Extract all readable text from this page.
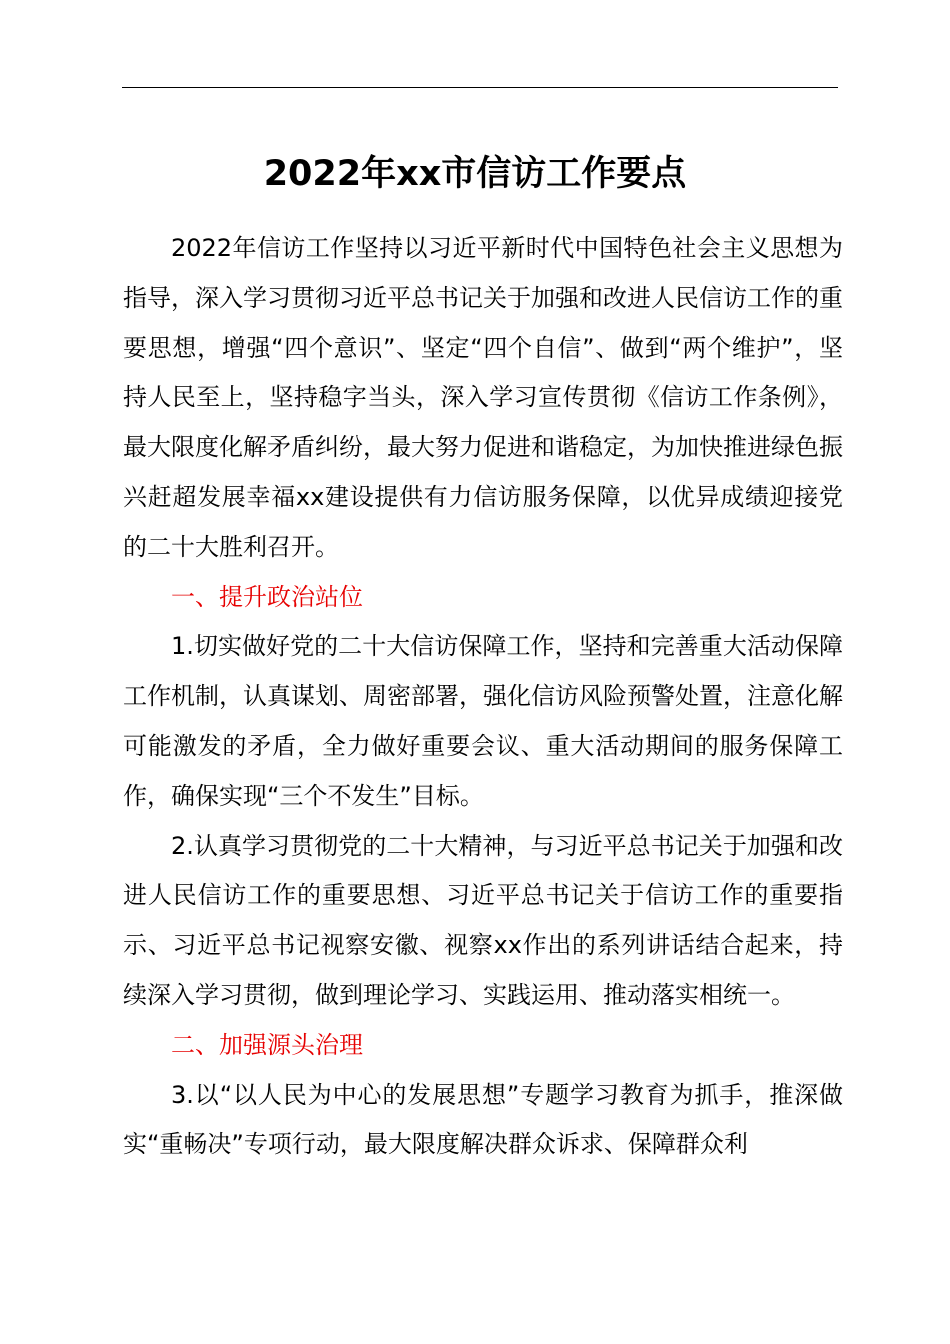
2022年xx市信访工作要点

2022年信访工作坚持以习近平新时代中国特色社会主义思想为指导，深入学习贯彻习近平总书记关于加强和改进人民信访工作的重要思想，增强“四个意识”、坚定“四个自信”、做到“两个维护”，坚持人民至上，坚持稳字当头，深入学习宣传贯彻《信访工作条例》，最大限度化解矛盾纠纷，最大努力促进和谐稳定，为加快推进绿色振兴赶超发展幸福xx建设提供有力信访服务保障，以优异成绩迎接党的二十大胜利召开。

一、提升政治站位

1.切实做好党的二十大信访保障工作，坚持和完善重大活动保障工作机制，认真谋划、周密部署，强化信访风险预警处置，注意化解可能激发的矛盾，全力做好重要会议、重大活动期间的服务保障工作，确保实现“三个不发生”目标。

2.认真学习贯彻党的二十大精神，与习近平总书记关于加强和改进人民信访工作的重要思想、习近平总书记关于信访工作的重要指示、习近平总书记视察安徽、视察xx作出的系列讲话结合起来，持续深入学习贯彻，做到理论学习、实践运用、推动落实相统一。

二、加强源头治理

3.以“以人民为中心的发展思想”专题学习教育为抓手，推深做实“重畅决”专项行动，最大限度解决群众诉求、保障群众利
